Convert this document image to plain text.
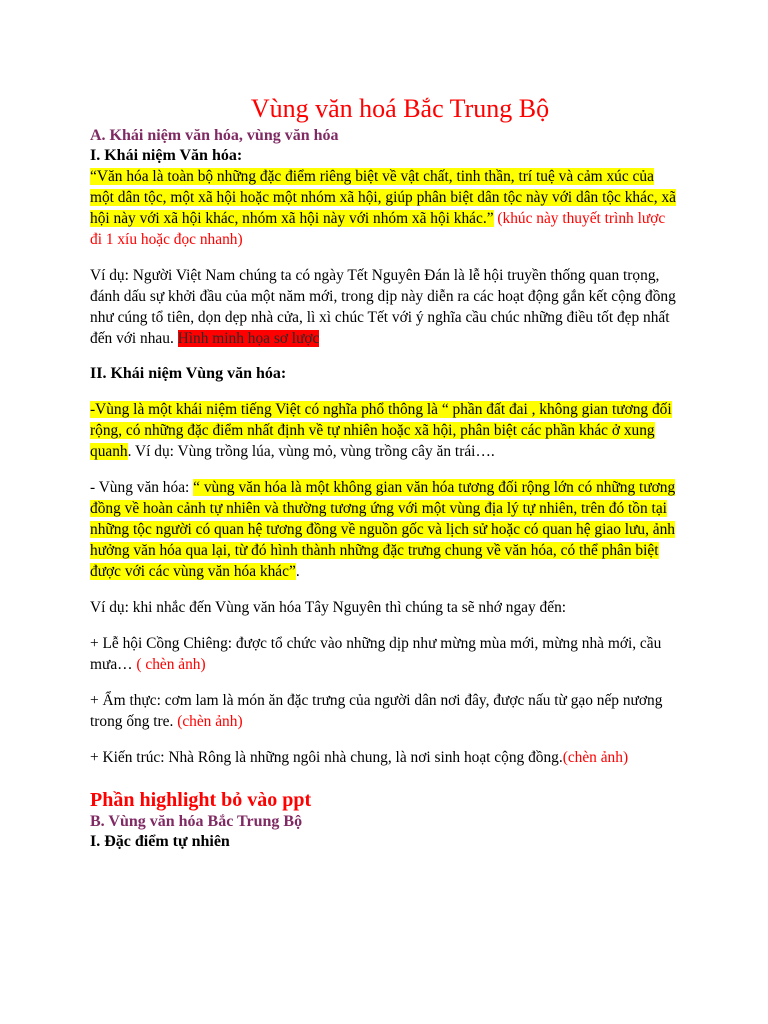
Vùng văn hoá Bắc Trung Bộ

A. Khái niệm văn hóa, vùng văn hóa

I. Khái niệm Văn hóa:

“Văn hóa là toàn bộ những đặc điểm riêng biệt về vật chất, tinh thần, trí tuệ và cảm xúc của một dân tộc, một xã hội hoặc một nhóm xã hội, giúp phân biệt dân tộc này với dân tộc khác, xã hội này với xã hội khác, nhóm xã hội này với nhóm xã hội khác.” (khúc này thuyết trình lược đi 1 xíu hoặc đọc nhanh)

Ví dụ: Người Việt Nam chúng ta có ngày Tết Nguyên Đán là lễ hội truyền thống quan trọng, đánh dấu sự khởi đầu của một năm mới, trong dịp này diễn ra các hoạt động gắn kết cộng đồng như cúng tổ tiên, dọn dẹp nhà cửa, lì xì chúc Tết với ý nghĩa cầu chúc những điều tốt đẹp nhất đến với nhau. Hình minh họa sơ lược

II. Khái niệm Vùng văn hóa:

-Vùng là một khái niệm tiếng Việt có nghĩa phổ thông là “ phần đất đai , không gian tương đối rộng, có những đặc điểm nhất định về tự nhiên hoặc xã hội, phân biệt các phần khác ở xung quanh. Ví dụ: Vùng trồng lúa, vùng mỏ, vùng trồng cây ăn trái….

- Vùng văn hóa: “ vùng văn hóa là một không gian văn hóa tương đối rộng lớn có những tương đồng về hoàn cảnh tự nhiên và thường tương ứng với một vùng địa lý tự nhiên, trên đó tồn tại những tộc người có quan hệ tương đồng về nguồn gốc và lịch sử hoặc có quan hệ giao lưu, ảnh hưởng văn hóa qua lại, từ đó hình thành những đặc trưng chung về văn hóa, có thể phân biệt được với các vùng văn hóa khác”.

Ví dụ: khi nhắc đến Vùng văn hóa Tây Nguyên thì chúng ta sẽ nhớ ngay đến:

+ Lễ hội Cồng Chiêng: được tổ chức vào những dịp như mừng mùa mới, mừng nhà mới, cầu mưa… ( chèn ảnh)

+ Ẩm thực: cơm lam là món ăn đặc trưng của người dân nơi đây, được nấu từ gạo nếp nương trong ống tre. (chèn ảnh)

+ Kiến trúc: Nhà Rông là những ngôi nhà chung, là nơi sinh hoạt cộng đồng.(chèn ảnh)

Phần highlight bỏ vào ppt

B. Vùng văn hóa Bắc Trung Bộ

I. Đặc điểm tự nhiên
